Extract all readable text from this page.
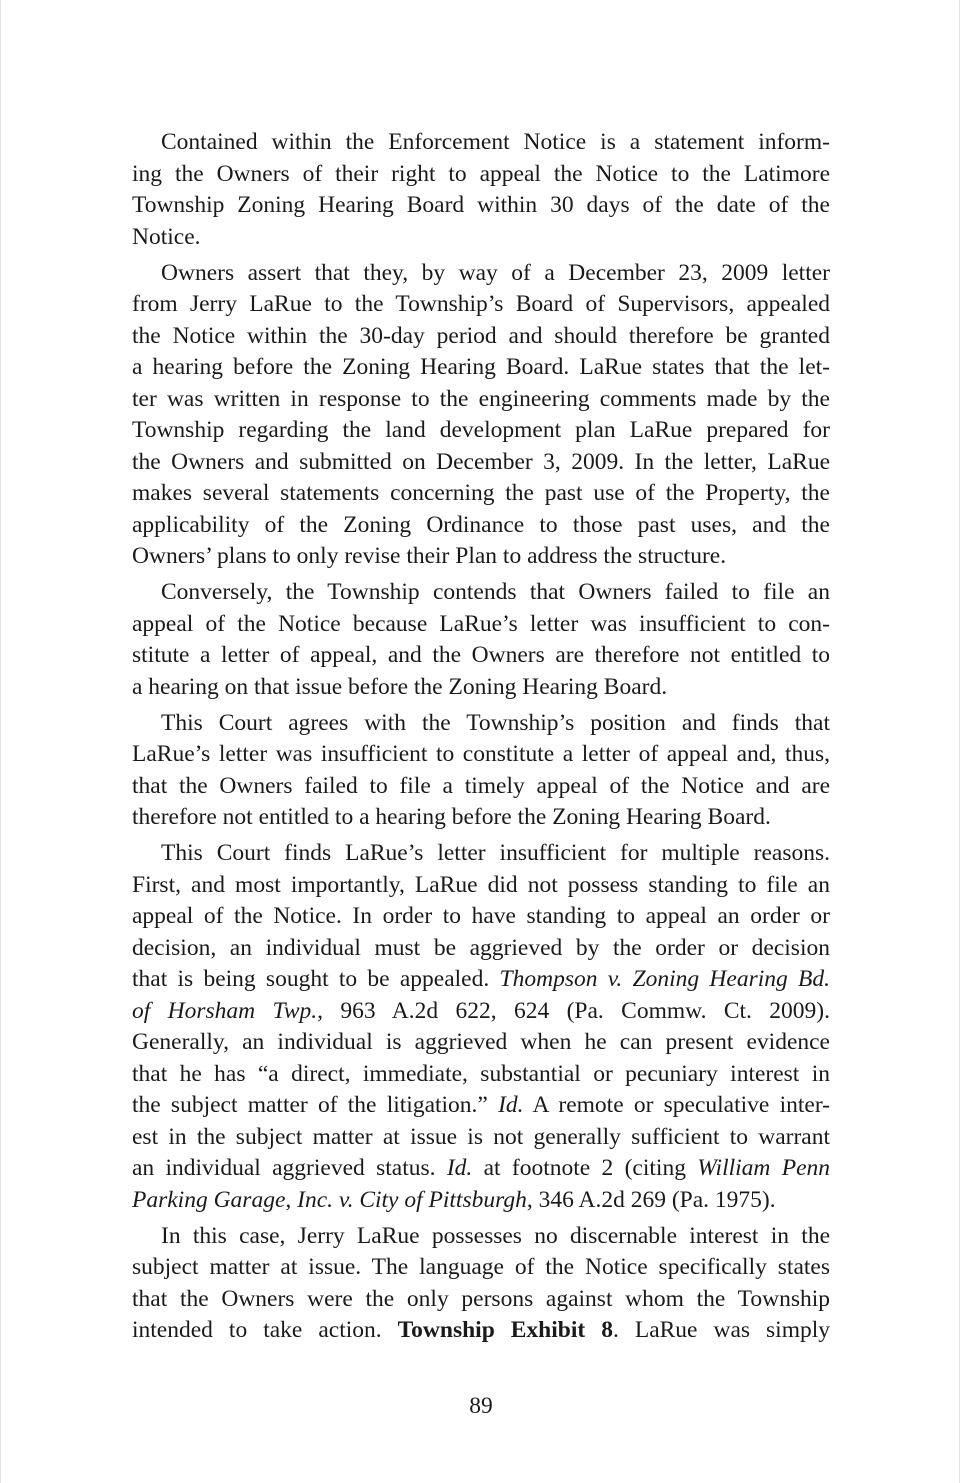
Contained within the Enforcement Notice is a statement inform-
ing the Owners of their right to appeal the Notice to the Latimore
Township Zoning Hearing Board within 30 days of the date of the
Notice.

Owners assert that they, by way of a December 23, 2009 letter
from Jerry LaRue to the Township’s Board of Supervisors, appealed
the Notice within the 30-day period and should therefore be granted
a hearing before the Zoning Hearing Board. LaRue states that the let-
ter was written in response to the engineering comments made by the
Township regarding the land development plan LaRue prepared for
the Owners and submitted on December 3, 2009. In the letter, LaRue
makes several statements concerning the past use of the Property, the
applicability of the Zoning Ordinance to those past uses, and the
Owners’ plans to only revise their Plan to address the structure.

Conversely, the Township contends that Owners failed to file an
appeal of the Notice because LaRue’s letter was insufficient to con-
stitute a letter of appeal, and the Owners are therefore not entitled to
a hearing on that issue before the Zoning Hearing Board.

This Court agrees with the Township’s position and finds that
LaRue’s letter was insufficient to constitute a letter of appeal and, thus,
that the Owners failed to file a timely appeal of the Notice and are
therefore not entitled to a hearing before the Zoning Hearing Board.

This Court finds LaRue’s letter insufficient for multiple reasons.
First, and most importantly, LaRue did not possess standing to file an
appeal of the Notice. In order to have standing to appeal an order or
decision, an individual must be aggrieved by the order or decision
that is being sought to be appealed. Thompson v. Zoning Hearing Bd.
of Horsham Twp., 963 A.2d 622, 624 (Pa. Commw. Ct. 2009).
Generally, an individual is aggrieved when he can present evidence
that he has “a direct, immediate, substantial or pecuniary interest in
the subject matter of the litigation.” Id. A remote or speculative inter-
est in the subject matter at issue is not generally sufficient to warrant
an individual aggrieved status. Id. at footnote 2 (citing William Penn
Parking Garage, Inc. v. City of Pittsburgh, 346 A.2d 269 (Pa. 1975).

In this case, Jerry LaRue possesses no discernable interest in the
subject matter at issue. The language of the Notice specifically states
that the Owners were the only persons against whom the Township
intended to take action. Township Exhibit 8. LaRue was simply

89
